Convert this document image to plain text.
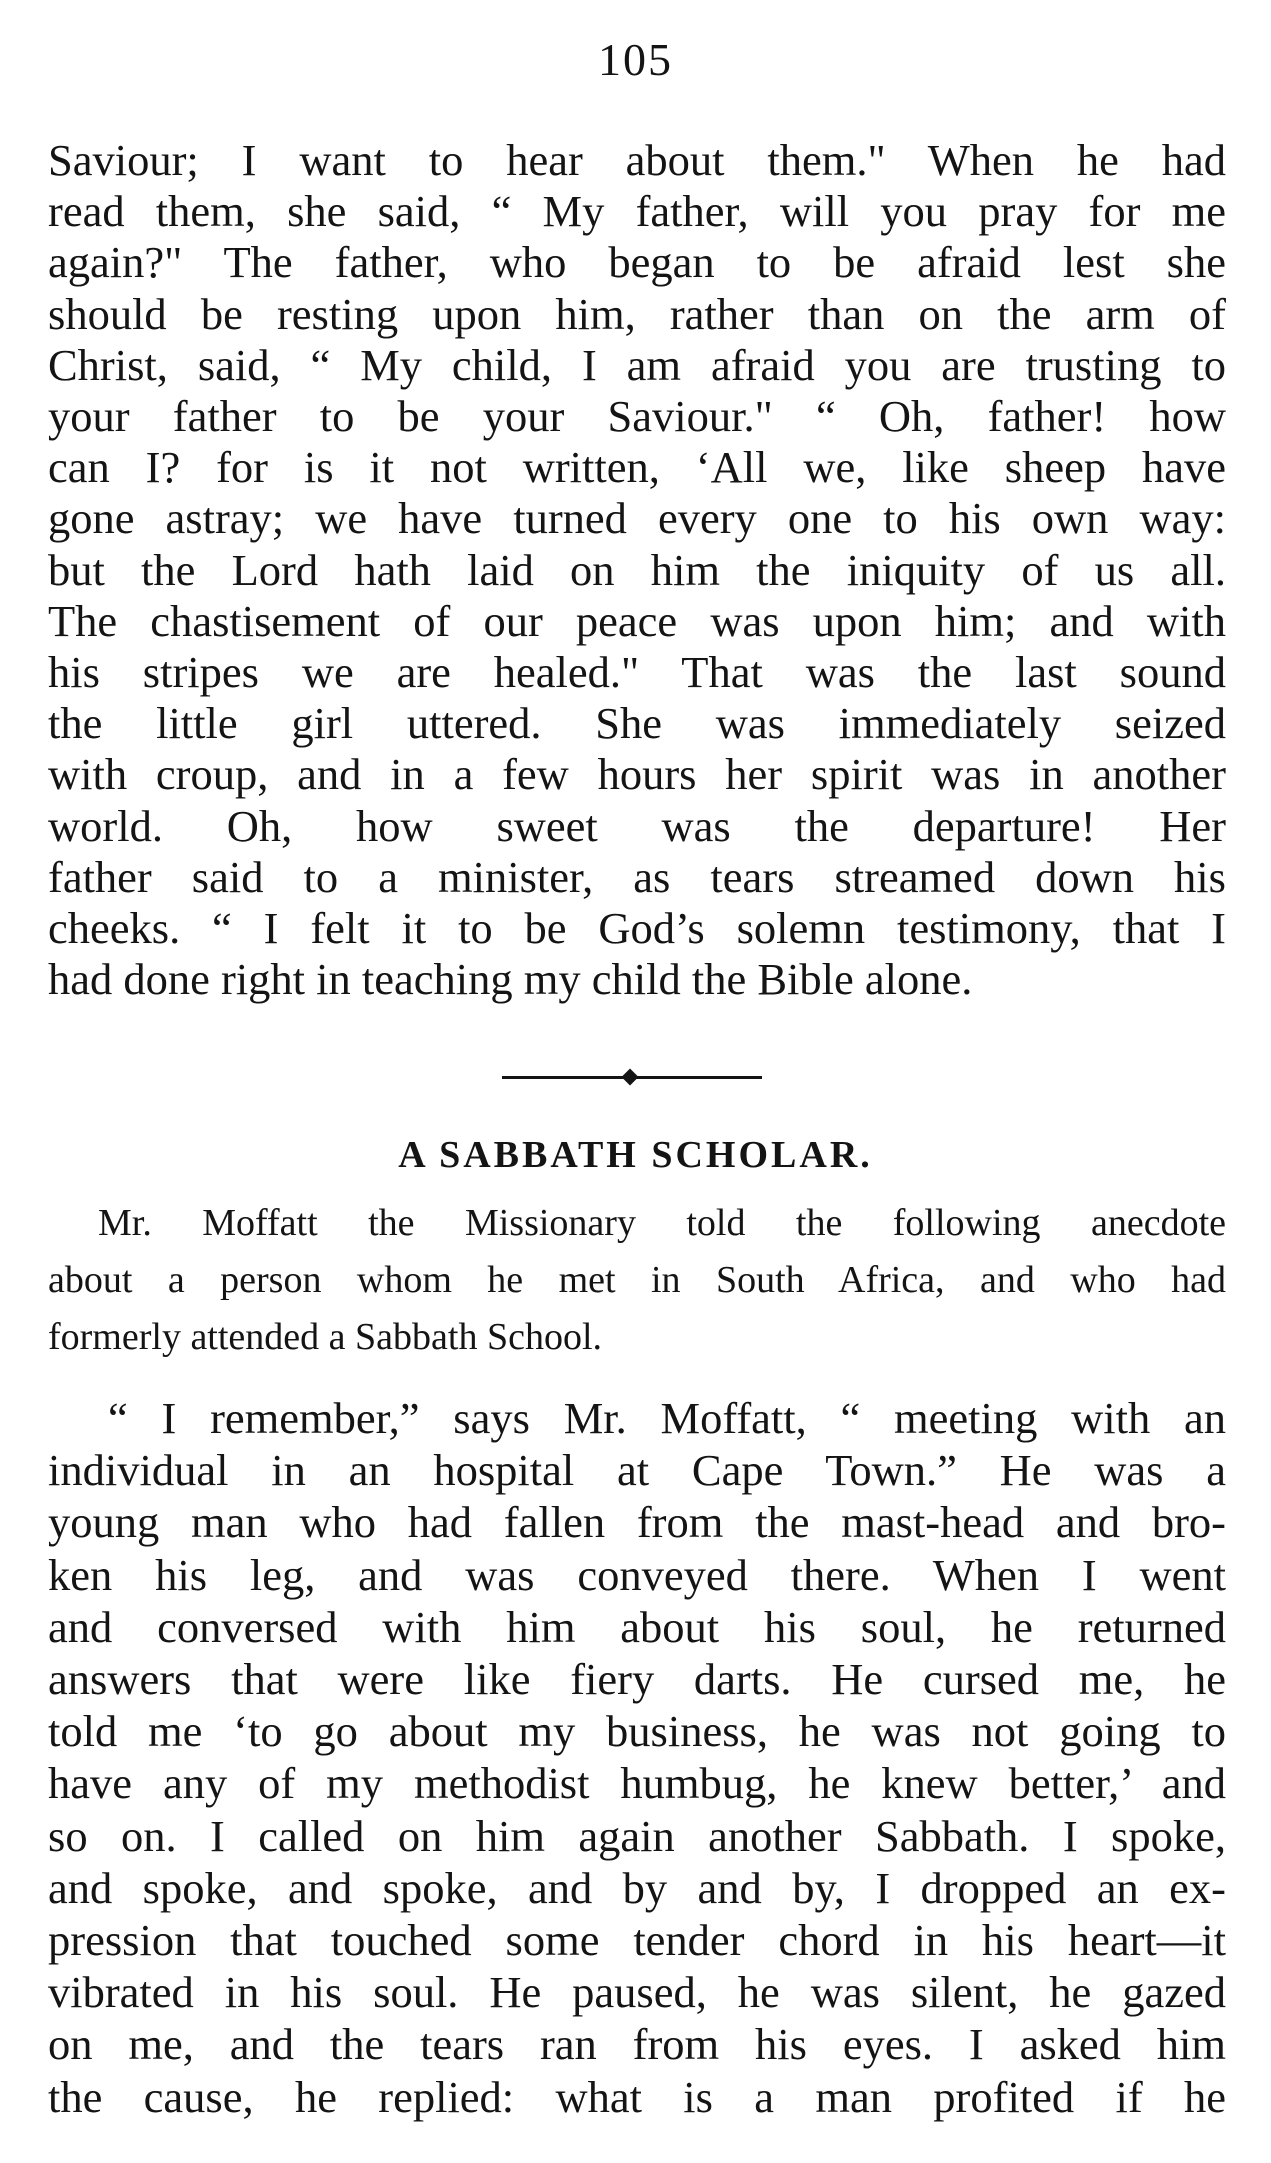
105
Saviour; I want to hear about them." When he had
read them, she said, “ My father, will you pray for me
again?" The father, who began to be afraid lest she
should be resting upon him, rather than on the arm of
Christ, said, “ My child, I am afraid you are trusting to
your father to be your Saviour." “ Oh, father! how
can I? for is it not written, ‘All we, like sheep have
gone astray; we have turned every one to his own way:
but the Lord hath laid on him the iniquity of us all.
The chastisement of our peace was upon him; and with
his stripes we are healed." That was the last sound
the little girl uttered. She was immediately seized
with croup, and in a few hours her spirit was in another
world. Oh, how sweet was the departure! Her
father said to a minister, as tears streamed down his
cheeks. “ I felt it to be God’s solemn testimony, that I
had done right in teaching my child the Bible alone.
A SABBATH SCHOLAR.
Mr. Moffatt the Missionary told the following anecdote
about a person whom he met in South Africa, and who had
formerly attended a Sabbath School.
“ I remember,” says Mr. Moffatt, “ meeting with an
individual in an hospital at Cape Town.” He was a
young man who had fallen from the mast-head and bro-
ken his leg, and was conveyed there. When I went
and conversed with him about his soul, he returned
answers that were like fiery darts. He cursed me, he
told me ‘to go about my business, he was not going to
have any of my methodist humbug, he knew better,’ and
so on. I called on him again another Sabbath. I spoke,
and spoke, and spoke, and by and by, I dropped an ex-
pression that touched some tender chord in his heart—it
vibrated in his soul. He paused, he was silent, he gazed
on me, and the tears ran from his eyes. I asked him
the cause, he replied: what is a man profited if he
